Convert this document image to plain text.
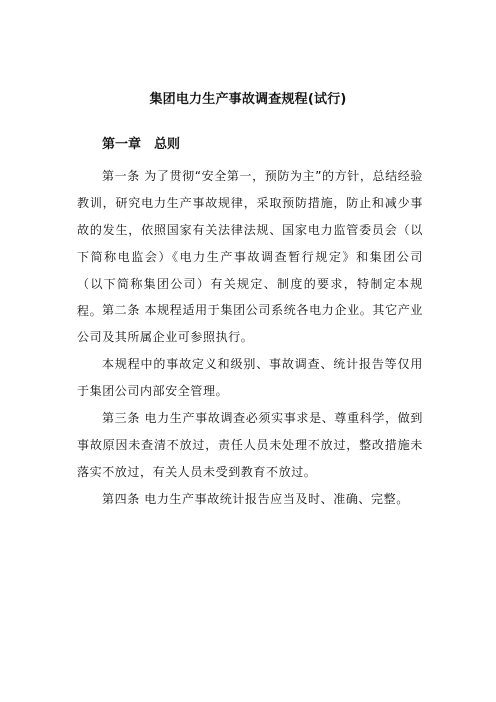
集团电力生产事故调查规程(试行)
第一章　总则

第一条 为了贯彻“安全第一，预防为主”的方针，总结经验教训，研究电力生产事故规律，采取预防措施，防止和减少事故的发生，依照国家有关法律法规、国家电力监管委员会（以下简称电监会）《电力生产事故调查暂行规定》和集团公司（以下简称集团公司）有关规定、制度的要求，特制定本规程。 第二条 本规程适用于集团公司系统各电力企业。其它产业公司及其所属企业可参照执行。

本规程中的事故定义和级别、事故调查、统计报告等仅用于集团公司内部安全管理。

第三条 电力生产事故调查必须实事求是、尊重科学，做到事故原因未查清不放过，责任人员未处理不放过，整改措施未落实不放过，有关人员未受到教育不放过。

第四条 电力生产事故统计报告应当及时、准确、完整。
